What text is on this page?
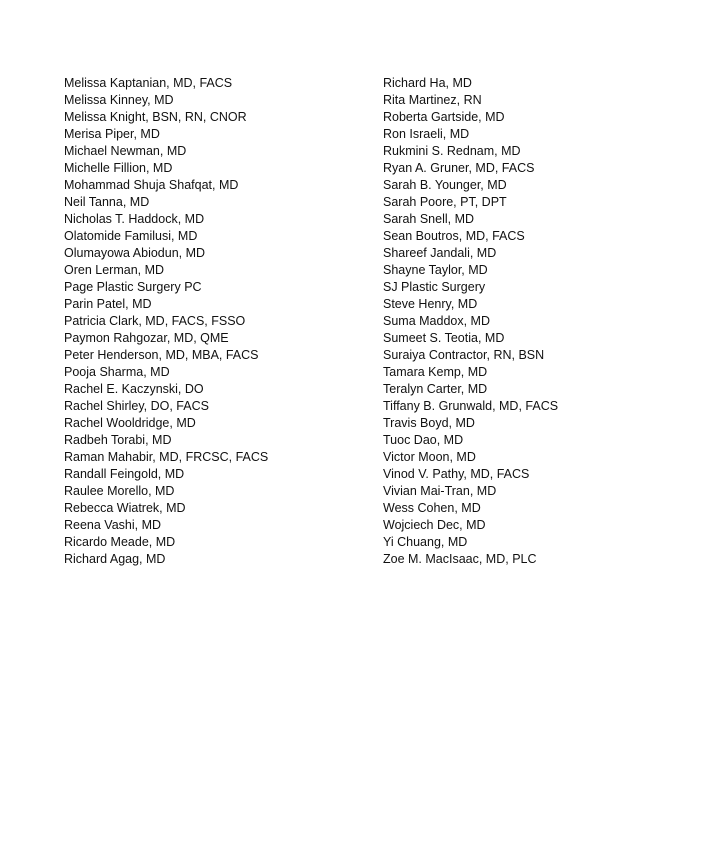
Melissa Kaptanian, MD, FACS
Melissa Kinney, MD
Melissa Knight, BSN, RN, CNOR
Merisa Piper, MD
Michael Newman, MD
Michelle Fillion, MD
Mohammad Shuja Shafqat, MD
Neil Tanna, MD
Nicholas T. Haddock, MD
Olatomide Familusi, MD
Olumayowa Abiodun, MD
Oren Lerman, MD
Page Plastic Surgery PC
Parin Patel, MD
Patricia Clark, MD, FACS, FSSO
Paymon Rahgozar, MD, QME
Peter Henderson, MD, MBA, FACS
Pooja Sharma, MD
Rachel E. Kaczynski, DO
Rachel Shirley, DO, FACS
Rachel Wooldridge, MD
Radbeh Torabi, MD
Raman Mahabir, MD, FRCSC, FACS
Randall Feingold, MD
Raulee Morello, MD
Rebecca Wiatrek, MD
Reena Vashi, MD
Ricardo Meade, MD
Richard Agag, MD
Richard Ha, MD
Rita Martinez, RN
Roberta Gartside, MD
Ron Israeli, MD
Rukmini S. Rednam, MD
Ryan A. Gruner, MD, FACS
Sarah B. Younger, MD
Sarah Poore, PT, DPT
Sarah Snell, MD
Sean Boutros, MD, FACS
Shareef Jandali, MD
Shayne Taylor, MD
SJ Plastic Surgery
Steve Henry, MD
Suma Maddox, MD
Sumeet S. Teotia, MD
Suraiya Contractor, RN, BSN
Tamara Kemp, MD
Teralyn Carter, MD
Tiffany B. Grunwald, MD, FACS
Travis Boyd, MD
Tuoc Dao, MD
Victor Moon, MD
Vinod V. Pathy, MD, FACS
Vivian Mai-Tran, MD
Wess Cohen, MD
Wojciech Dec, MD
Yi Chuang, MD
Zoe M. MacIsaac, MD, PLC
